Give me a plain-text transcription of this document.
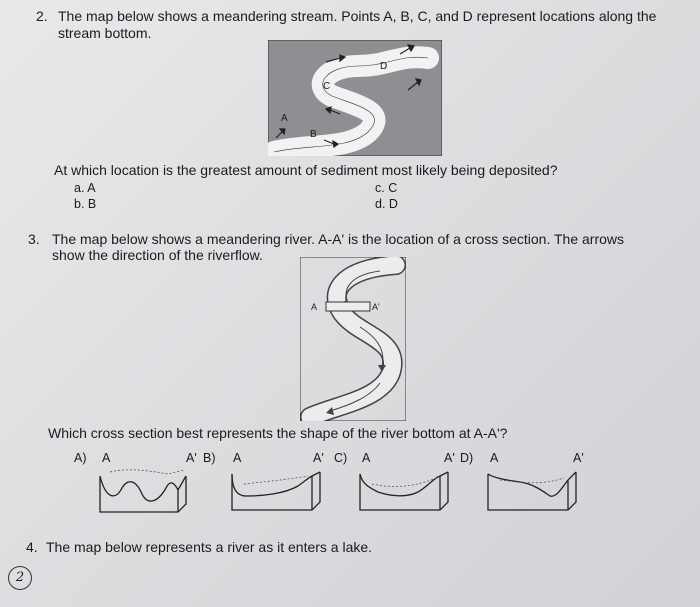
2. The map below shows a meandering stream. Points A, B, C, and D represent locations along the
stream bottom.
A
B
C
D
At which location is the greatest amount of sediment most likely being deposited?
a. A
b. B
c. C
d. D
3. The map below shows a meandering river. A-A' is the location of a cross section. The arrows
show the direction of the riverflow.
A	A'
Which cross section best represents the shape of the river bottom at A-A'?
A) A	A' B) A	A' C) A	A' D) A	A'
4. The map below represents a river as it enters a lake.
2
